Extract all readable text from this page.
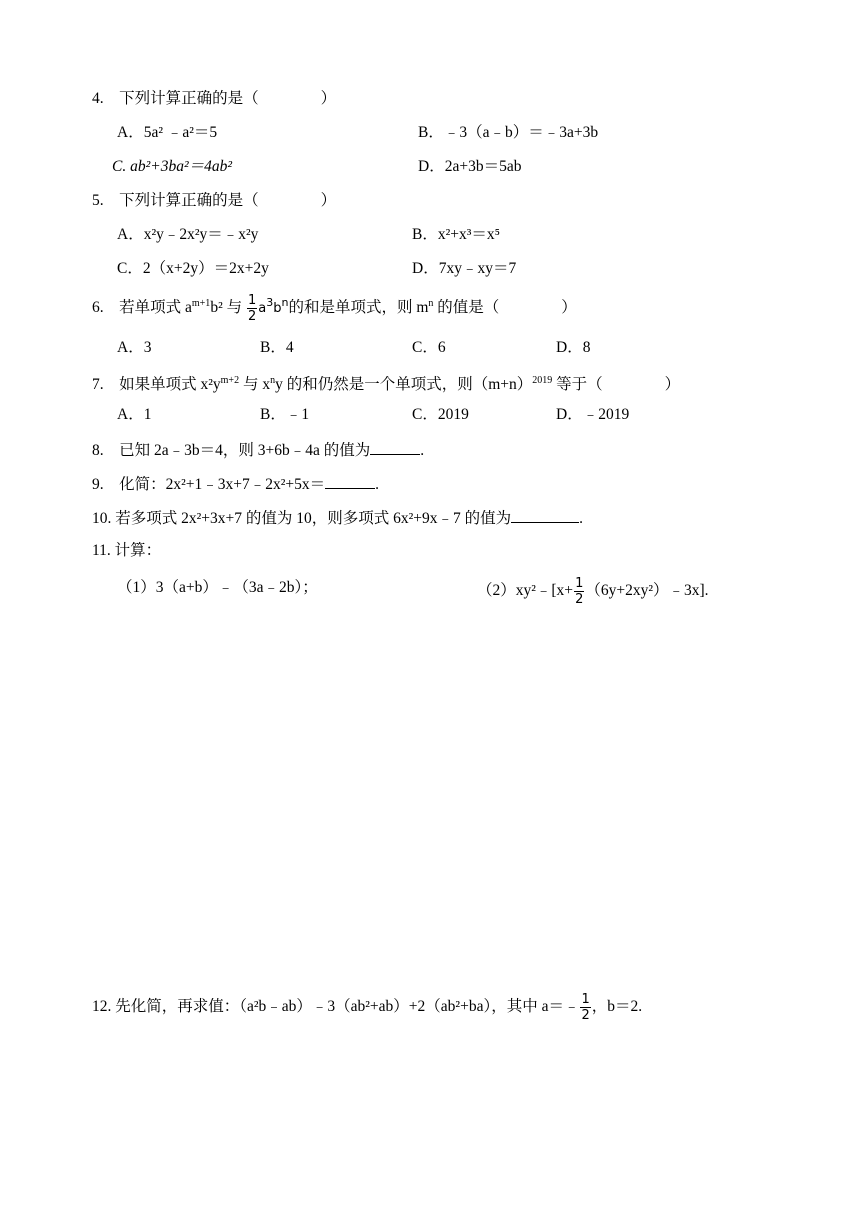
4.　下列计算正确的是（　　　　）
A．5a² ﹣a²＝5	B．﹣3（a﹣b）＝﹣3a+3b
C. ab²+3ba²＝4ab²	D．2a+3b＝5ab
5.　下列计算正确的是（　　　　）
A．x²y﹣2x²y＝﹣x²y	B．x²+x³＝x⁵
C．2（x+2y）＝2x+2y	D．7xy﹣xy＝7
6.　若单项式 $a^{m+1}b^2$ 与 $\frac{1}{2} a^3b^n$的和是单项式，则 $m^n$ 的值是（　　　　）
A．3	B．4	C．6	D．8
7.　如果单项式 $x^2y^{m+2}$ 与 $x^ny$ 的和仍然是一个单项式，则$(m+n)^{2019}$ 等于（　　　　）
A．1	B．﹣1	C．2019	D．﹣2019
8.　已知 2a﹣3b＝4，则 3+6b﹣4a 的值为	.
9.　化简：2x²+1﹣3x+7﹣2x²+5x＝	.
10. 若多项式 2x²+3x+7 的值为 10，则多项式 6x²+9x﹣7 的值为	.
11. 计算：
（1）3（a+b）﹣（3a﹣2b）；	（2）xy²﹣[x+ $\frac{1}{2}$ （6y+2xy²）﹣3x].
12. 先化简，再求值：（a²b﹣ab）﹣3（ab²+ab）+2（ab²+ba），其中 a＝﹣ $\frac{1}{2}$ ，b＝2.
